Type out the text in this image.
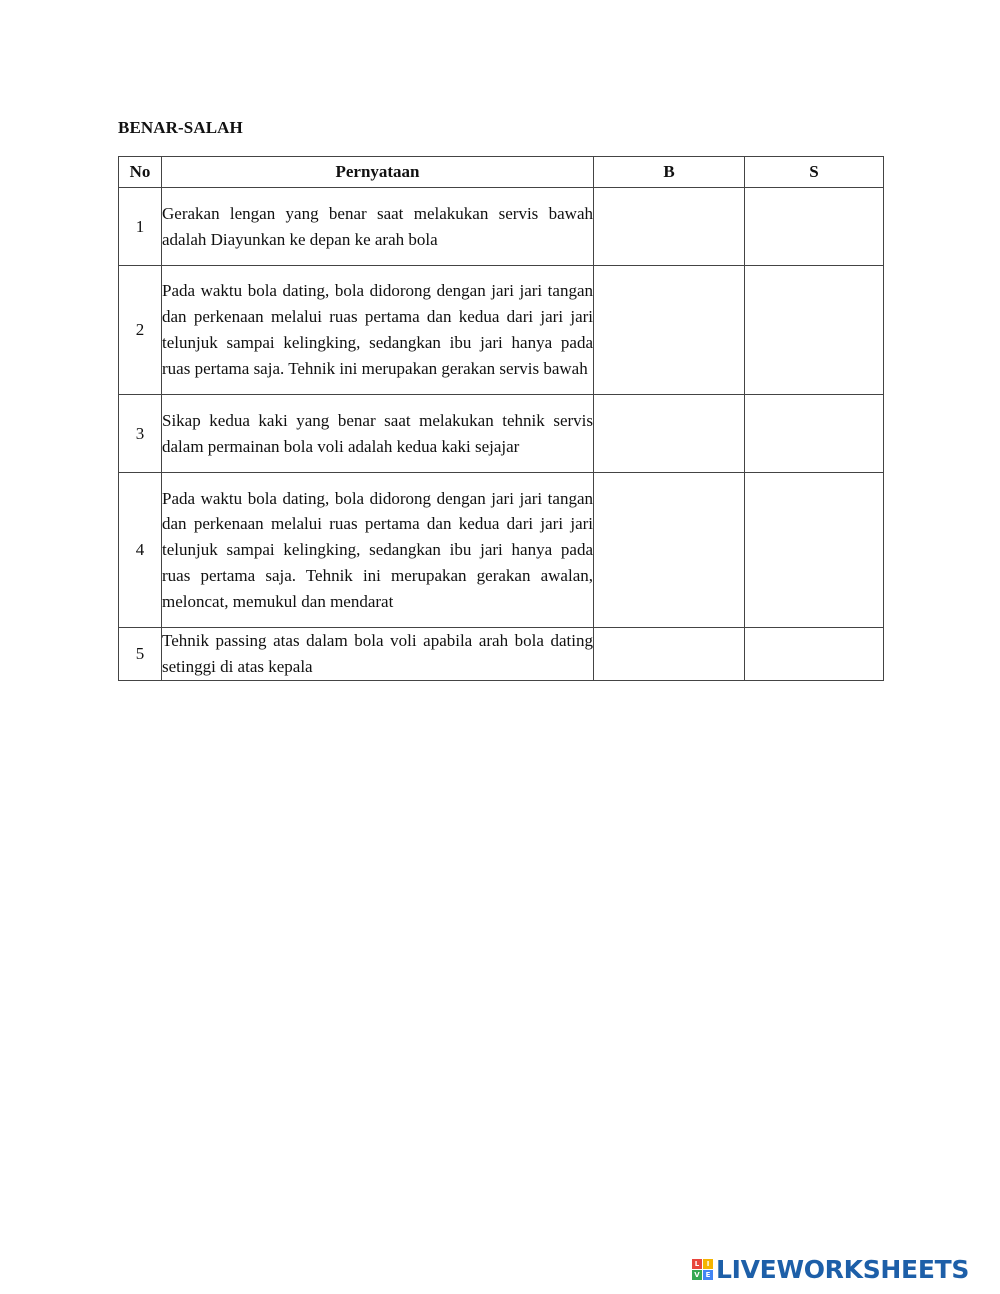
BENAR-SALAH
No	Pernyataan	B	S
1	Gerakan lengan yang benar saat melakukan servis bawah adalah Diayunkan ke depan ke arah bola		
2	Pada waktu bola dating, bola didorong dengan jari jari tangan dan perkenaan melalui ruas pertama dan kedua dari jari jari telunjuk sampai kelingking, sedangkan ibu jari hanya pada ruas pertama saja. Tehnik ini merupakan gerakan servis bawah		
3	Sikap kedua kaki yang benar saat melakukan tehnik servis dalam permainan bola voli adalah kedua kaki sejajar		
4	Pada waktu bola dating, bola didorong dengan jari jari tangan dan perkenaan melalui ruas pertama dan kedua dari jari jari telunjuk sampai kelingking, sedangkan ibu jari hanya pada ruas pertama saja. Tehnik ini merupakan gerakan awalan, meloncat, memukul dan mendarat		
5	Tehnik passing atas dalam bola voli apabila arah bola dating setinggi di atas kepala		
L	I
V E LIVEWORKSHEETS
